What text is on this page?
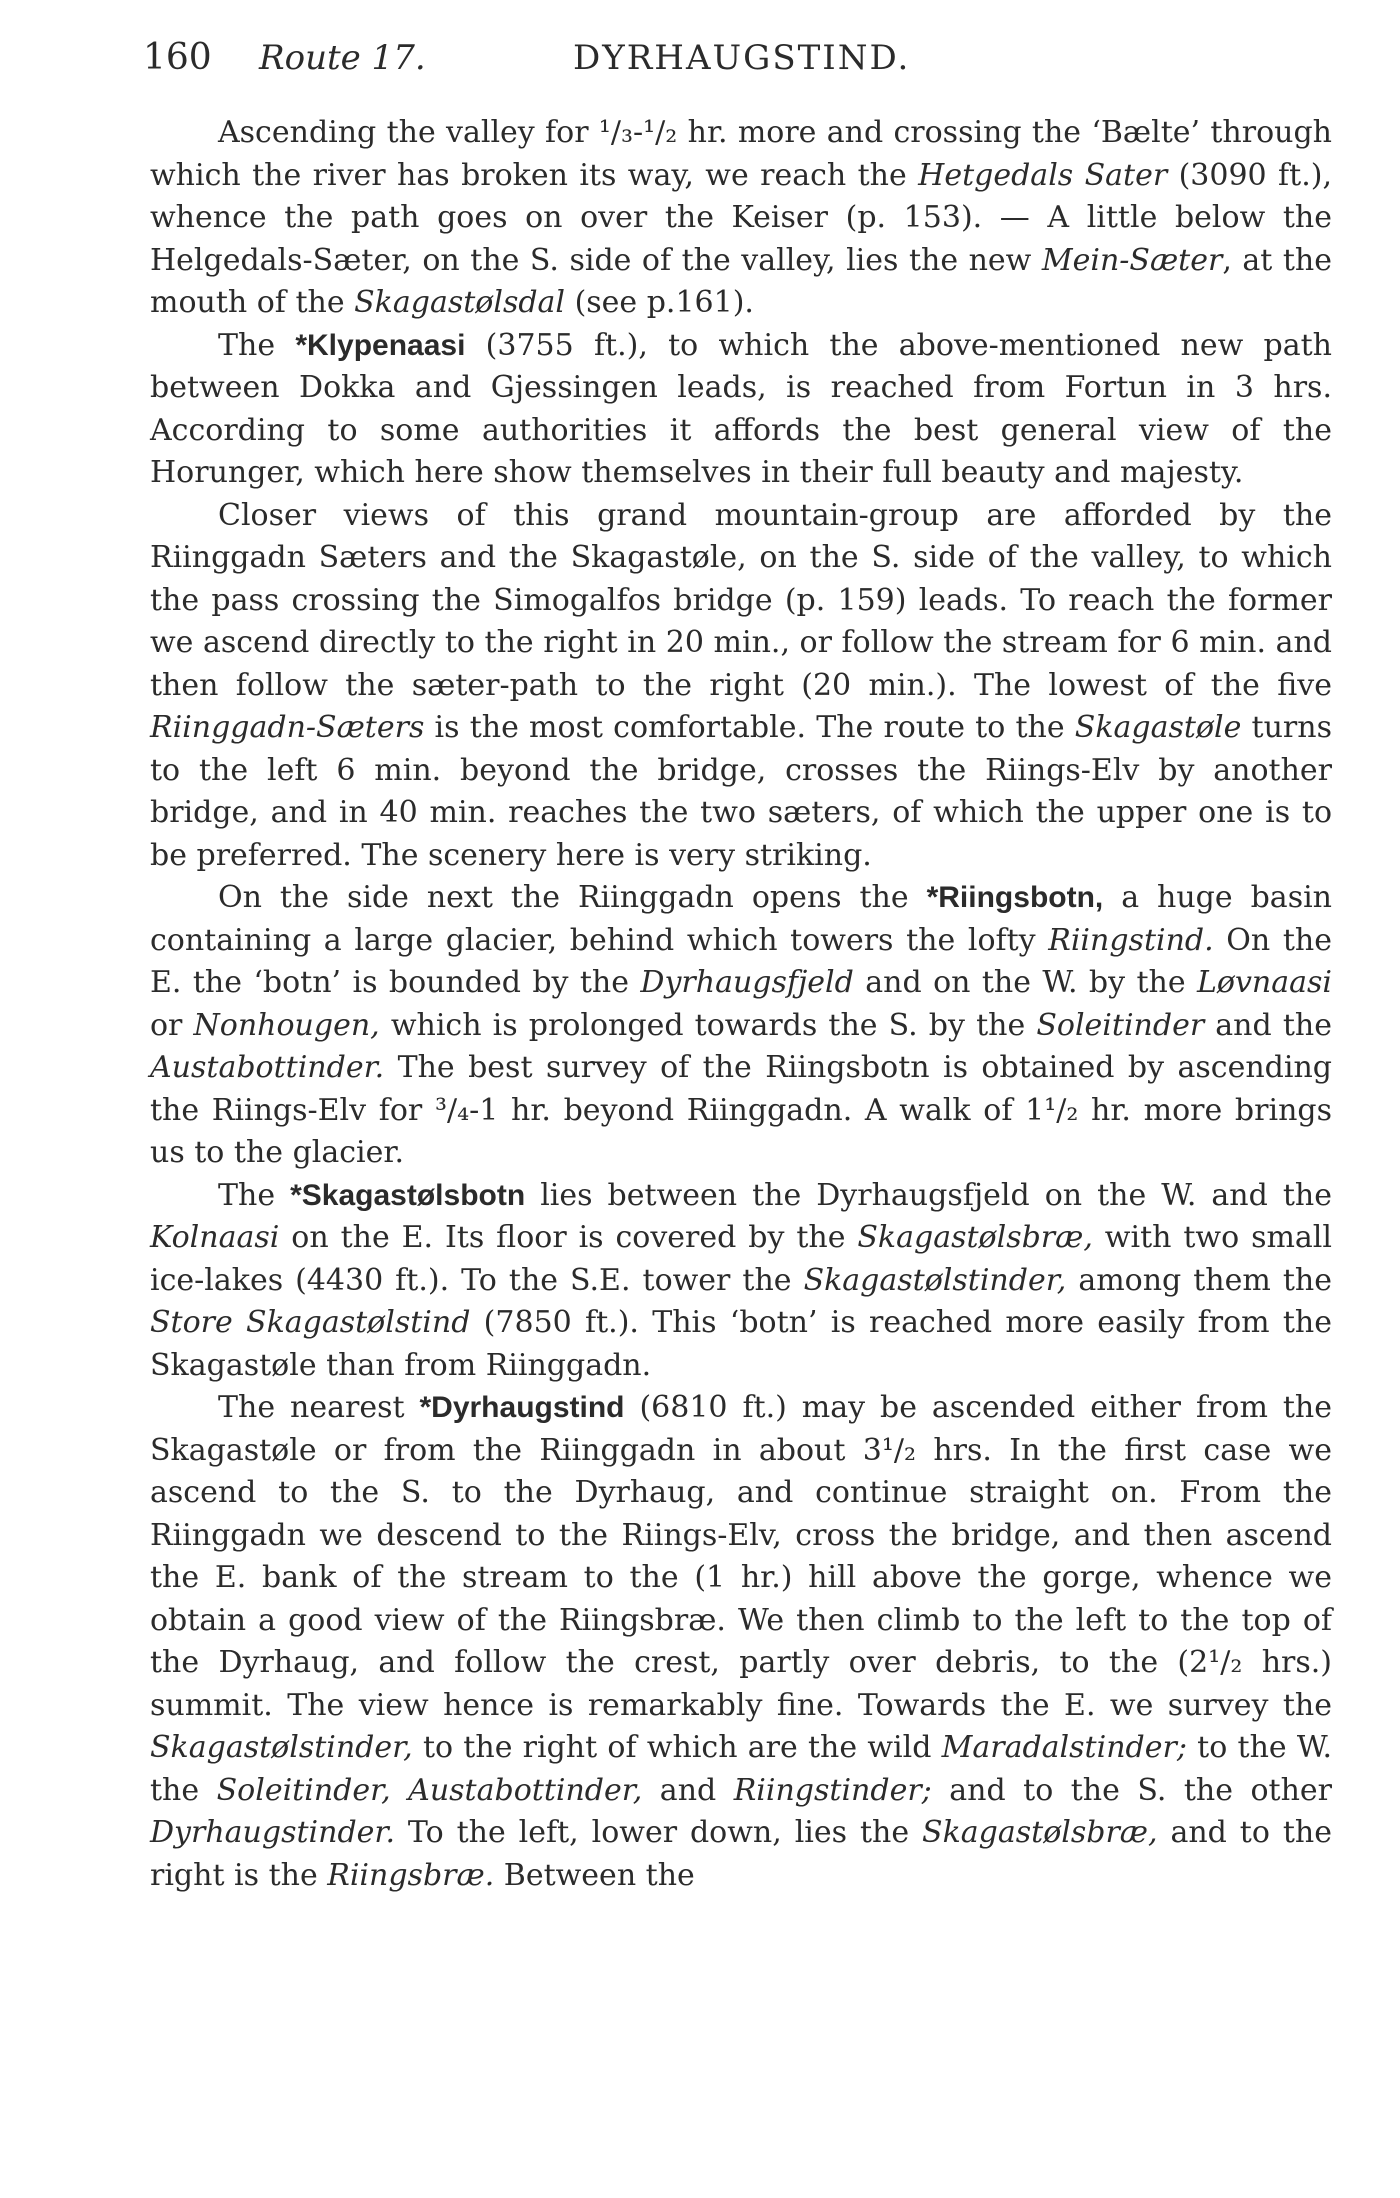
160 Route 17.	DYRHAUGSTIND.

Ascending the valley for ¹/₃-¹/₂ hr. more and crossing the ‘Bælte’ through which the river has broken its way, we reach the Hetgedals Sater (3090 ft.), whence the path goes on over the Keiser (p. 153). — A little below the Helgedals-Sæter, on the S. side of the valley, lies the new Mein-Sæter, at the mouth of the Skagastølsdal (see p.161).

The *Klypenaasi (3755 ft.), to which the above-mentioned new path between Dokka and Gjessingen leads, is reached from Fortun in 3 hrs. According to some authorities it affords the best general view of the Horunger, which here show themselves in their full beauty and majesty.

Closer views of this grand mountain-group are afforded by the Riinggadn Sæters and the Skagastøle, on the S. side of the valley, to which the pass crossing the Simogalfos bridge (p. 159) leads. To reach the former we ascend directly to the right in 20 min., or follow the stream for 6 min. and then follow the sæter-path to the right (20 min.). The lowest of the five Riinggadn-Sæters is the most comfortable. The route to the Skagastøle turns to the left 6 min. beyond the bridge, crosses the Riings-Elv by another bridge, and in 40 min. reaches the two sæters, of which the upper one is to be preferred. The scenery here is very striking.

On the side next the Riinggadn opens the *Riingsbotn, a huge basin containing a large glacier, behind which towers the lofty Riingstind. On the E. the ‘botn’ is bounded by the Dyrhaugsfjeld and on the W. by the Løvnaasi or Nonhougen, which is prolonged towards the S. by the Soleitinder and the Austabottinder. The best survey of the Riingsbotn is obtained by ascending the Riings-Elv for ³/₄-1 hr. beyond Riinggadn. A walk of 1¹/₂ hr. more brings us to the glacier.

The *Skagastølsbotn lies between the Dyrhaugsfjeld on the W. and the Kolnaasi on the E. Its floor is covered by the Skagastølsbræ, with two small ice-lakes (4430 ft.). To the S.E. tower the Skagastølstinder, among them the Store Skagastølstind (7850 ft.). This ‘botn’ is reached more easily from the Skagastøle than from Riinggadn.

The nearest *Dyrhaugstind (6810 ft.) may be ascended either from the Skagastøle or from the Riinggadn in about 3¹/₂ hrs. In the first case we ascend to the S. to the Dyrhaug, and continue straight on. From the Riinggadn we descend to the Riings-Elv, cross the bridge, and then ascend the E. bank of the stream to the (1 hr.) hill above the gorge, whence we obtain a good view of the Riingsbræ. We then climb to the left to the top of the Dyrhaug, and follow the crest, partly over debris, to the (2¹/₂ hrs.) summit. The view hence is remarkably fine. Towards the E. we survey the Skagastølstinder, to the right of which are the wild Maradalstinder; to the W. the Soleitinder, Austabottinder, and Riingstinder; and to the S. the other Dyrhaugstinder. To the left, lower down, lies the Skagastølsbræ, and to the right is the Riingsbræ. Between the
